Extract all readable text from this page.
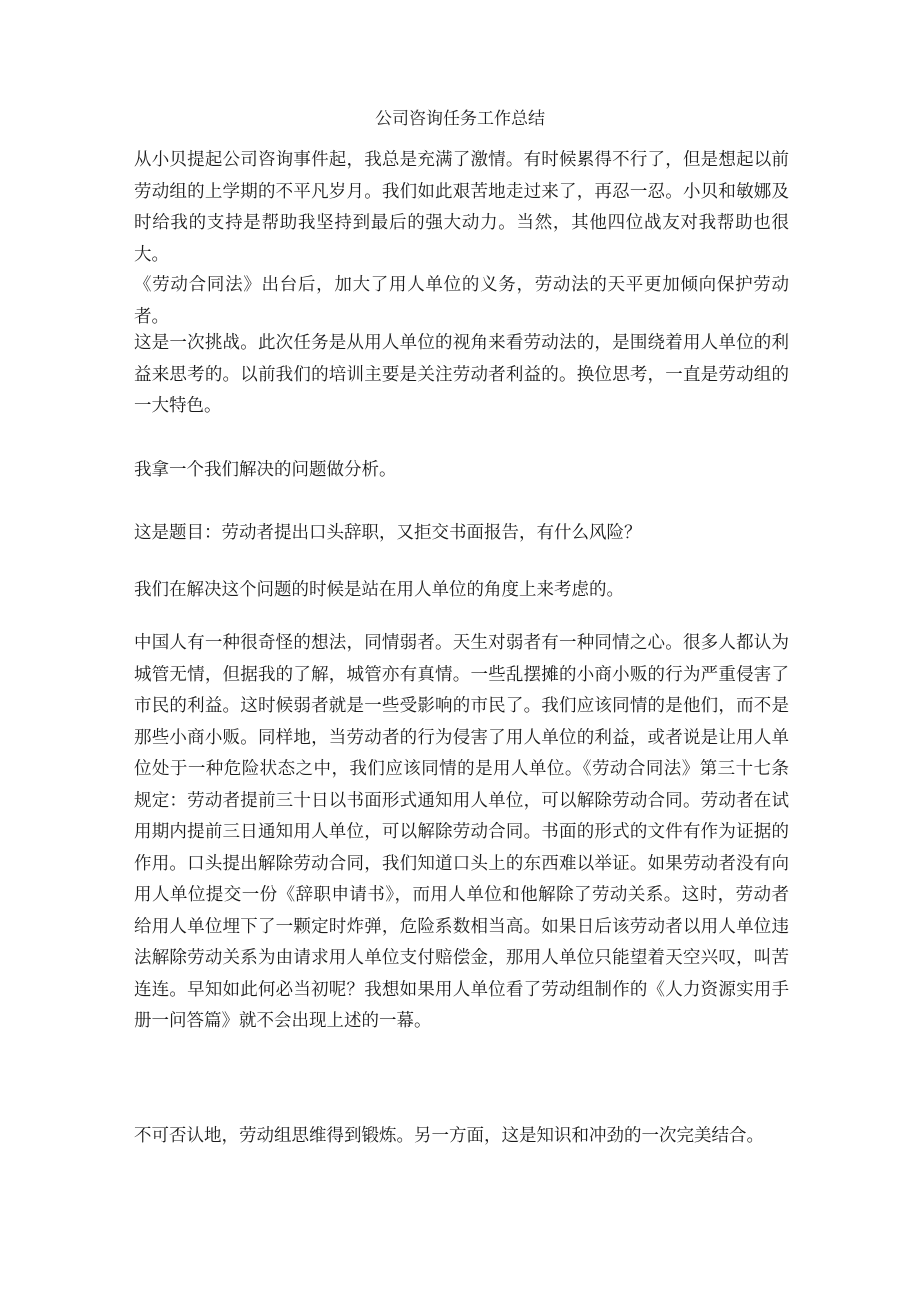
公司咨询任务工作总结

从小贝提起公司咨询事件起，我总是充满了激情。有时候累得不行了，但是想起以前劳动组的上学期的不平凡岁月。我们如此艰苦地走过来了，再忍一忍。小贝和敏娜及时给我的支持是帮助我坚持到最后的强大动力。当然，其他四位战友对我帮助也很大。

《劳动合同法》出台后，加大了用人单位的义务，劳动法的天平更加倾向保护劳动者。

这是一次挑战。此次任务是从用人单位的视角来看劳动法的，是围绕着用人单位的利益来思考的。以前我们的培训主要是关注劳动者利益的。换位思考，一直是劳动组的一大特色。

我拿一个我们解决的问题做分析。

这是题目：劳动者提出口头辞职，又拒交书面报告，有什么风险？

我们在解决这个问题的时候是站在用人单位的角度上来考虑的。

中国人有一种很奇怪的想法，同情弱者。天生对弱者有一种同情之心。很多人都认为城管无情，但据我的了解，城管亦有真情。一些乱摆摊的小商小贩的行为严重侵害了市民的利益。这时候弱者就是一些受影响的市民了。我们应该同情的是他们，而不是那些小商小贩。同样地，当劳动者的行为侵害了用人单位的利益，或者说是让用人单位处于一种危险状态之中，我们应该同情的是用人单位。《劳动合同法》第三十七条规定：劳动者提前三十日以书面形式通知用人单位，可以解除劳动合同。劳动者在试用期内提前三日通知用人单位，可以解除劳动合同。书面的形式的文件有作为证据的作用。口头提出解除劳动合同，我们知道口头上的东西难以举证。如果劳动者没有向用人单位提交一份《辞职申请书》，而用人单位和他解除了劳动关系。这时，劳动者给用人单位埋下了一颗定时炸弹，危险系数相当高。如果日后该劳动者以用人单位违法解除劳动关系为由请求用人单位支付赔偿金，那用人单位只能望着天空兴叹，叫苦连连。早知如此何必当初呢？我想如果用人单位看了劳动组制作的《人力资源实用手册一问答篇》就不会出现上述的一幕。

不可否认地，劳动组思维得到锻炼。另一方面，这是知识和冲劲的一次完美结合。
